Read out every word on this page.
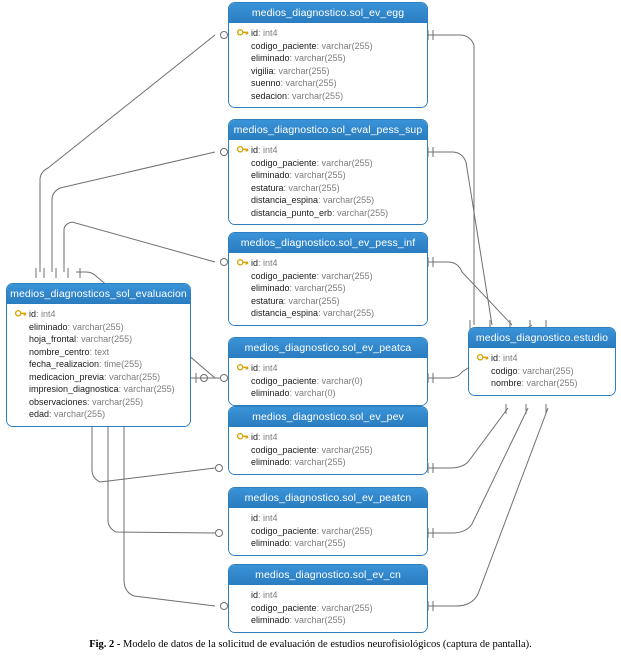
medios_diagnostico.sol_ev_egg
id: int4
codigo_paciente: varchar(255)
eliminado: varchar(255)
vigilia: varchar(255)
suenno: varchar(255)
sedacion: varchar(255)
medios_diagnostico.sol_eval_pess_sup
id: int4
codigo_paciente: varchar(255)
eliminado: varchar(255)
estatura: varchar(255)
distancia_espina: varchar(255)
distancia_punto_erb: varchar(255)
medios_diagnostico.sol_ev_pess_inf
id: int4
codigo_paciente: varchar(255)
eliminado: varchar(255)
estatura: varchar(255)
distancia_espina: varchar(255)
medios_diagnostico.sol_ev_peatca
id: int4
codigo_paciente: varchar(0)
eliminado: varchar(0)
medios_diagnostico.sol_ev_pev
id: int4
codigo_paciente: varchar(255)
eliminado: varchar(255)
medios_diagnostico.sol_ev_peatcn
id: int4
codigo_paciente: varchar(255)
eliminado: varchar(255)
medios_diagnostico.sol_ev_cn
id: int4
codigo_paciente: varchar(255)
eliminado: varchar(255)
medios_diagnosticos_sol_evaluacion
id: int4
eliminado: varchar(255)
hoja_frontal: varchar(255)
nombre_centro: text
fecha_realizacion: time(255)
medicacion_previa: varchar(255)
impresion_diagnostica: varchar(255)
observaciones: varchar(255)
edad: varchar(255)
medios_diagnostico.estudio
id: int4
codigo: varchar(255)
nombre: varchar(255)
Fig. 2 - Modelo de datos de la solicitud de evaluación de estudios neurofisiológicos (captura de pantalla).
